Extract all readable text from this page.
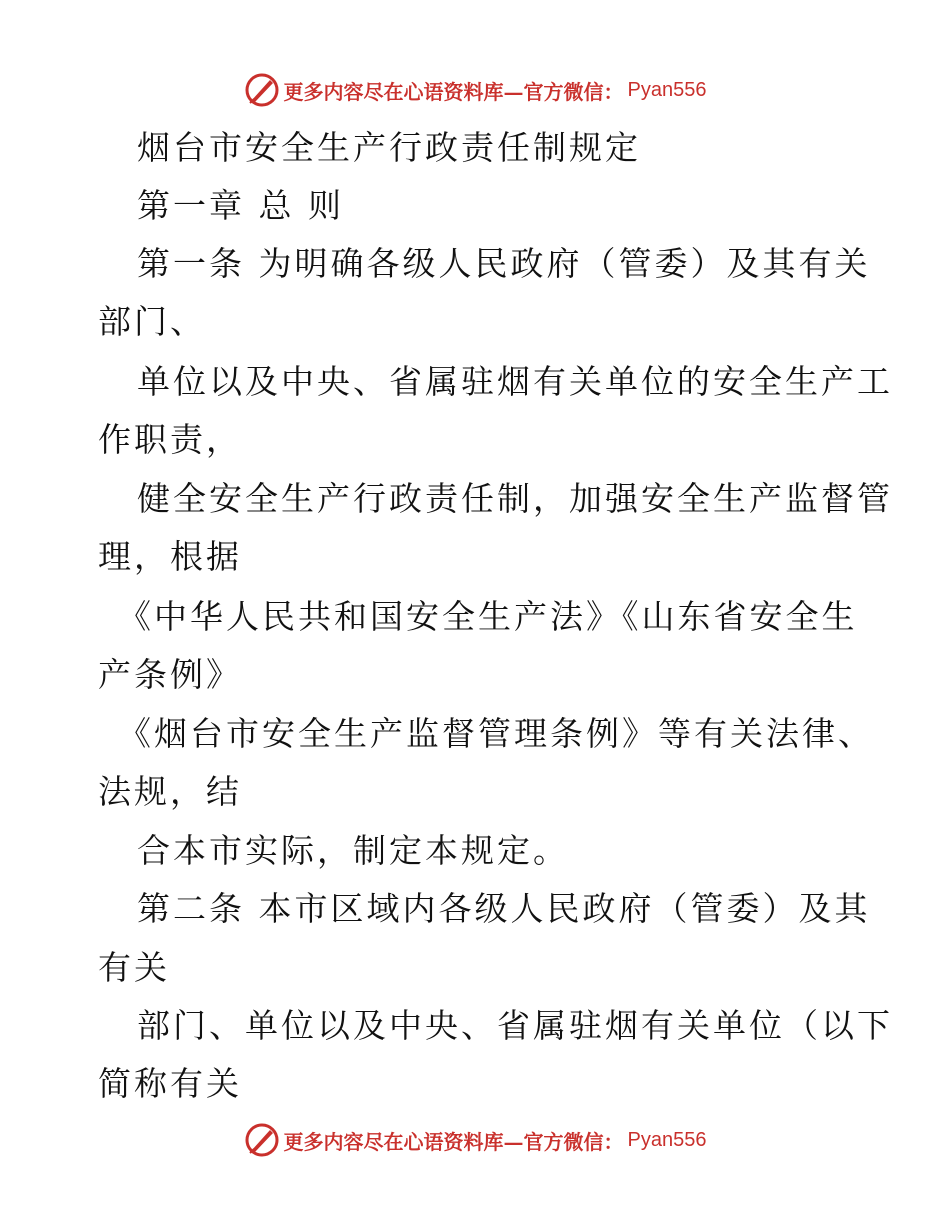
更多内容尽在心语资料库—官方微信： Pyan556
烟台市安全生产行政责任制规定
第一章 总 则
第一条 为明确各级人民政府（管委）及其有关
部门、
单位以及中央、省属驻烟有关单位的安全生产工
作职责，
健全安全生产行政责任制，加强安全生产监督管
理，根据
《中华人民共和国安全生产法》《山东省安全生
产条例》
《烟台市安全生产监督管理条例》等有关法律、
法规，结
合本市实际，制定本规定。
第二条 本市区域内各级人民政府（管委）及其
有关
部门、单位以及中央、省属驻烟有关单位（以下
简称有关
更多内容尽在心语资料库—官方微信： Pyan556
